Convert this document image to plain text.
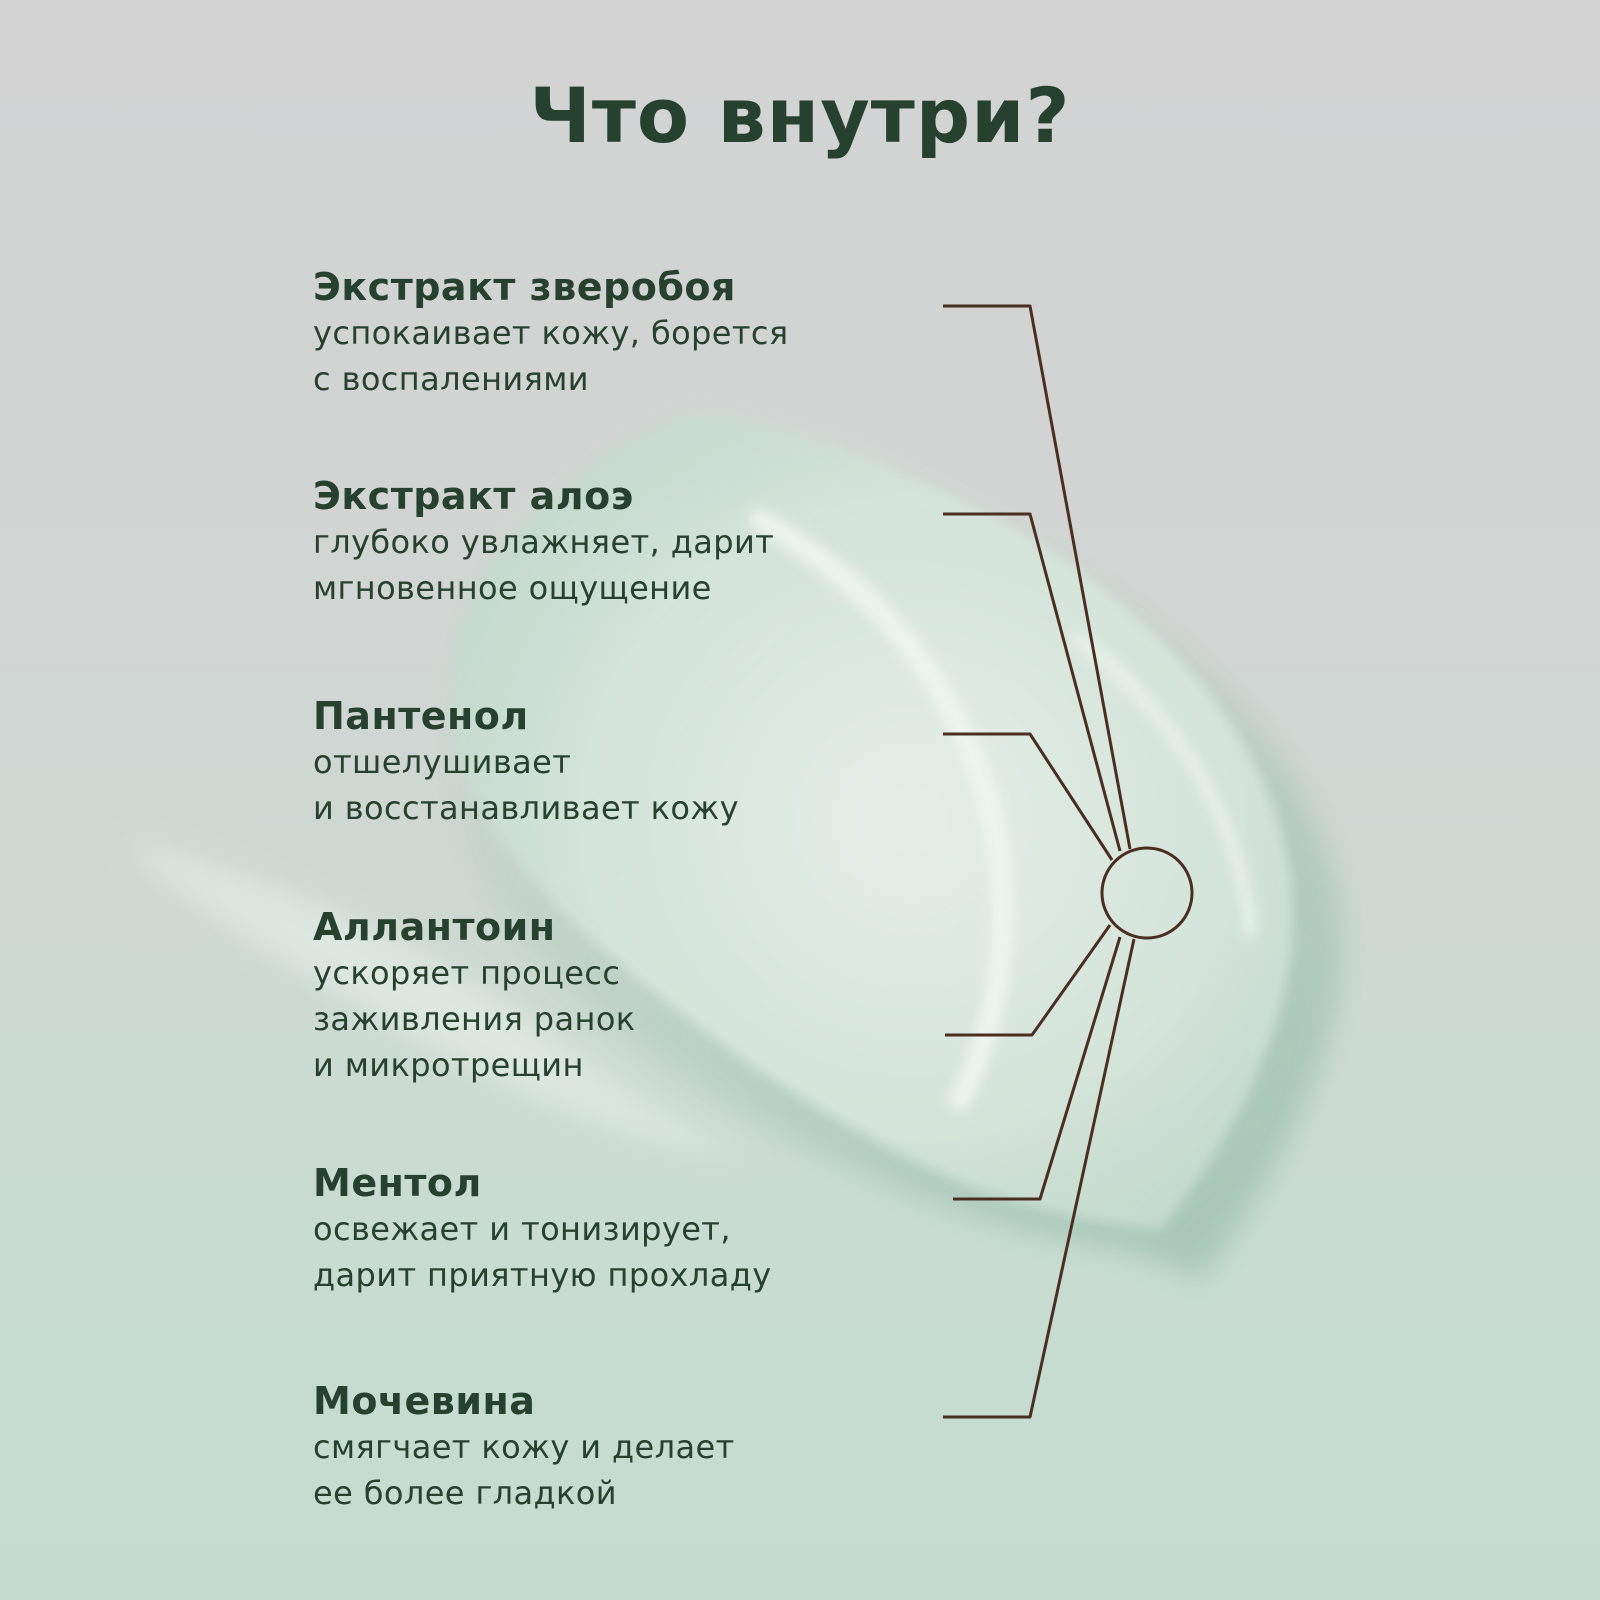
Что внутри?
Экстракт зверобоя
успокаивает кожу, борется
с воспалениями
Экстракт алоэ
глубоко увлажняет, дарит
мгновенное ощущение
Пантенол
отшелушивает
и восстанавливает кожу
Аллантоин
ускоряет процесс
заживления ранок
и микротрещин
Ментол
освежает и тонизирует,
дарит приятную прохладу
Мочевина
смягчает кожу и делает
ее более гладкой
